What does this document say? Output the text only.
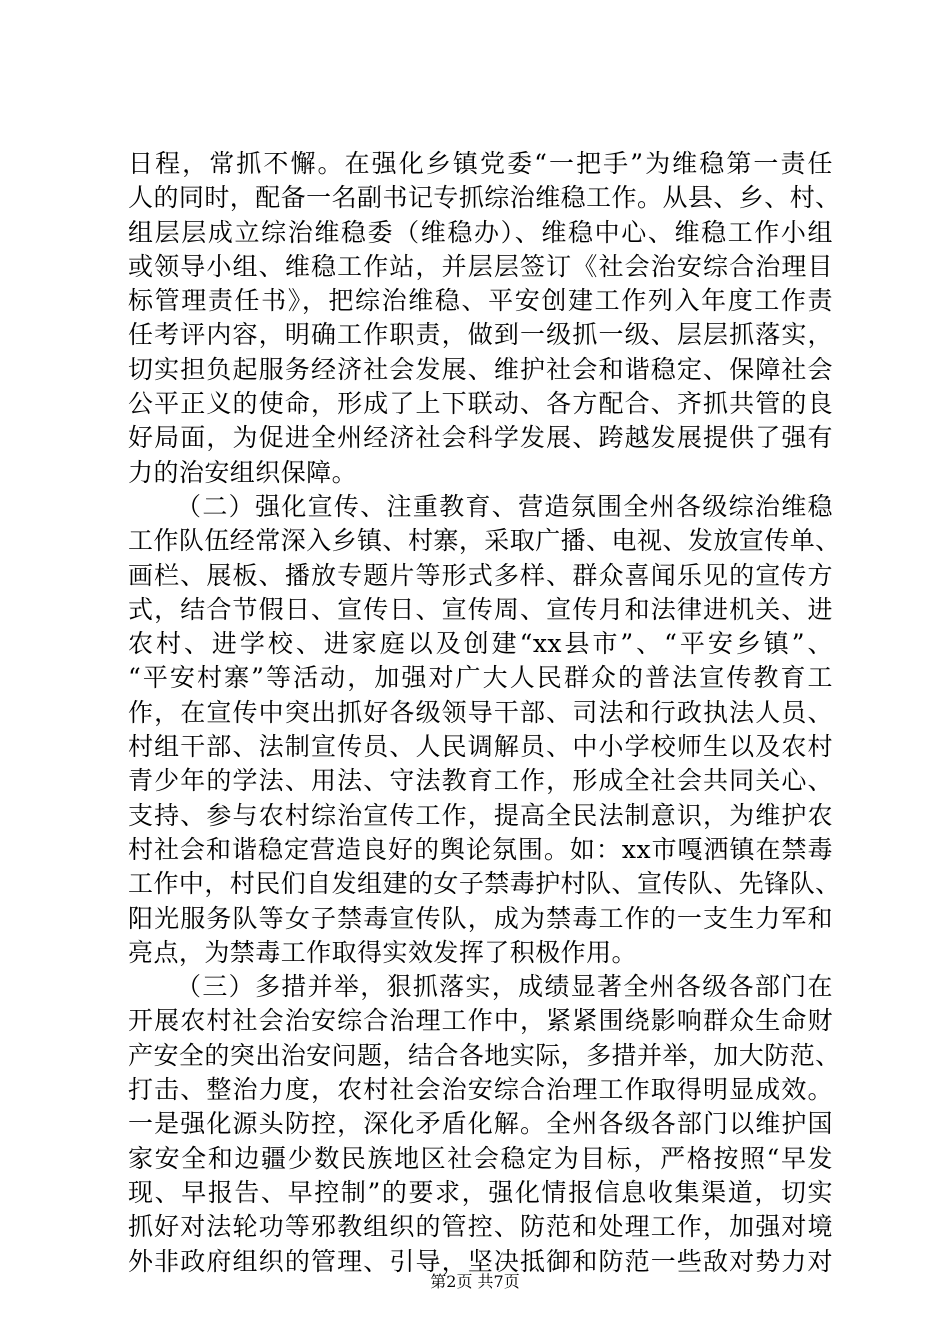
日程，常抓不懈。在强化乡镇党委“一把手”为维稳第一责任
人的同时，配备一名副书记专抓综治维稳工作。从县、乡、村、
组层层成立综治维稳委（维稳办）、维稳中心、维稳工作小组
或领导小组、维稳工作站，并层层签订《社会治安综合治理目
标管理责任书》，把综治维稳、平安创建工作列入年度工作责
任考评内容，明确工作职责，做到一级抓一级、层层抓落实，
切实担负起服务经济社会发展、维护社会和谐稳定、保障社会
公平正义的使命，形成了上下联动、各方配合、齐抓共管的良
好局面，为促进全州经济社会科学发展、跨越发展提供了强有
力的治安组织保障。
（二）强化宣传、注重教育、营造氛围全州各级综治维稳
工作队伍经常深入乡镇、村寨，采取广播、电视、发放宣传单、
画栏、展板、播放专题片等形式多样、群众喜闻乐见的宣传方
式，结合节假日、宣传日、宣传周、宣传月和法律进机关、进
农村、进学校、进家庭以及创建“xx县市”、“平安乡镇”、
“平安村寨”等活动，加强对广大人民群众的普法宣传教育工
作，在宣传中突出抓好各级领导干部、司法和行政执法人员、
村组干部、法制宣传员、人民调解员、中小学校师生以及农村
青少年的学法、用法、守法教育工作，形成全社会共同关心、
支持、参与农村综治宣传工作，提高全民法制意识，为维护农
村社会和谐稳定营造良好的舆论氛围。如：xx市嘎洒镇在禁毒
工作中，村民们自发组建的女子禁毒护村队、宣传队、先锋队、
阳光服务队等女子禁毒宣传队，成为禁毒工作的一支生力军和
亮点，为禁毒工作取得实效发挥了积极作用。
（三）多措并举，狠抓落实，成绩显著全州各级各部门在
开展农村社会治安综合治理工作中，紧紧围绕影响群众生命财
产安全的突出治安问题，结合各地实际，多措并举，加大防范、
打击、整治力度，农村社会治安综合治理工作取得明显成效。
一是强化源头防控，深化矛盾化解。全州各级各部门以维护国
家安全和边疆少数民族地区社会稳定为目标，严格按照“早发
现、早报告、早控制”的要求，强化情报信息收集渠道，切实
抓好对法轮功等邪教组织的管控、防范和处理工作，加强对境
外非政府组织的管理、引导，坚决抵御和防范一些敌对势力对
第2页 共7页
